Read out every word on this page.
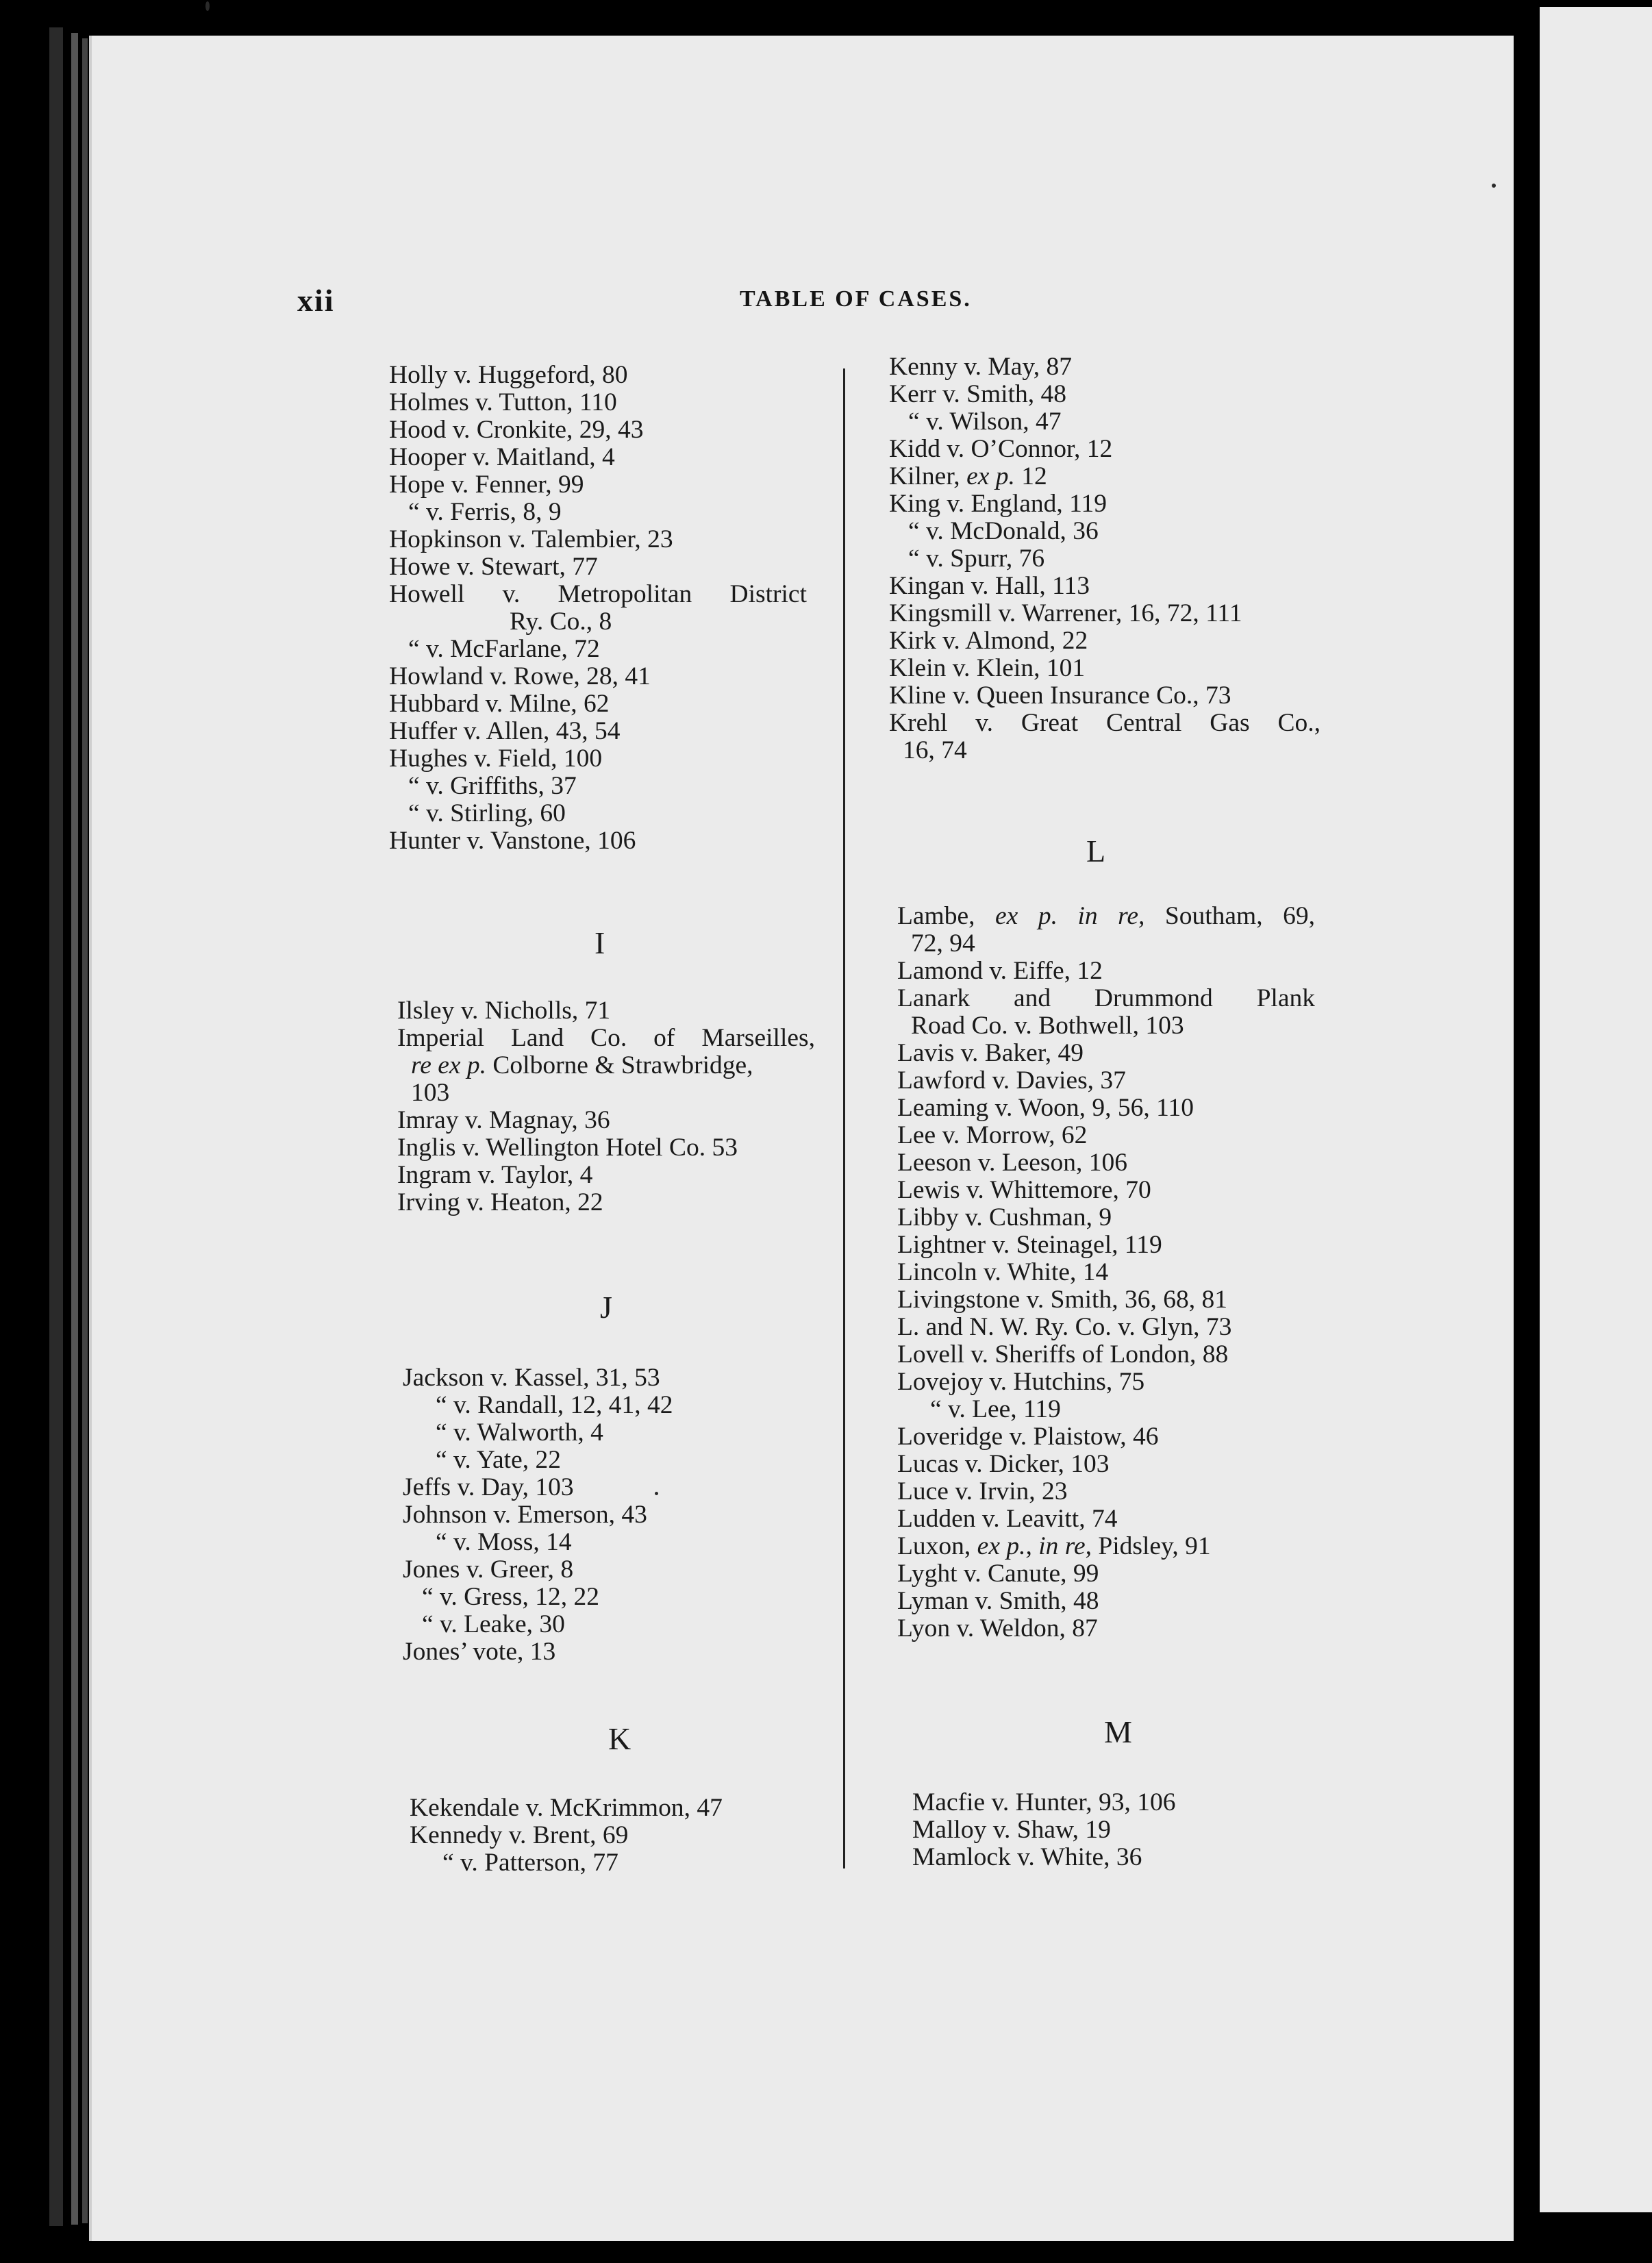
xii	TABLE OF CASES.
Holly v. Huggeford, 80
Holmes v. Tutton, 110
Hood v. Cronkite, 29, 43
Hooper v. Maitland, 4
Hope v. Fenner, 99
“ v. Ferris, 8, 9
Hopkinson v. Talembier, 23
Howe v. Stewart, 77
Howell v. Metropolitan District
Ry. Co., 8
“ v. McFarlane, 72
Howland v. Rowe, 28, 41
Hubbard v. Milne, 62
Huffer v. Allen, 43, 54
Hughes v. Field, 100
“ v. Griffiths, 37
“ v. Stirling, 60
Hunter v. Vanstone, 106
I
Ilsley v. Nicholls, 71
Imperial Land Co. of Marseilles,
re ex p. Colborne & Strawbridge,
103
Imray v. Magnay, 36
Inglis v. Wellington Hotel Co. 53
Ingram v. Taylor, 4
Irving v. Heaton, 22
J
Jackson v. Kassel, 31, 53
“ v. Randall, 12, 41, 42
“ v. Walworth, 4
“ v. Yate, 22
Jeffs v. Day, 103
Johnson v. Emerson, 43
“ v. Moss, 14
Jones v. Greer, 8
“ v. Gress, 12, 22
“ v. Leake, 30
Jones’ vote, 13
K
Kekendale v. McKrimmon, 47
Kennedy v. Brent, 69
“ v. Patterson, 77
Kenny v. May, 87
Kerr v. Smith, 48
“ v. Wilson, 47
Kidd v. O’Connor, 12
Kilner, ex p. 12
King v. England, 119
“ v. McDonald, 36
“ v. Spurr, 76
Kingan v. Hall, 113
Kingsmill v. Warrener, 16, 72, 111
Kirk v. Almond, 22
Klein v. Klein, 101
Kline v. Queen Insurance Co., 73
Krehl v. Great Central Gas Co.,
16, 74
L
Lambe, ex p. in re, Southam, 69,
72, 94
Lamond v. Eiffe, 12
Lanark and Drummond Plank
Road Co. v. Bothwell, 103
Lavis v. Baker, 49
Lawford v. Davies, 37
Leaming v. Woon, 9, 56, 110
Lee v. Morrow, 62
Leeson v. Leeson, 106
Lewis v. Whittemore, 70
Libby v. Cushman, 9
Lightner v. Steinagel, 119
Lincoln v. White, 14
Livingstone v. Smith, 36, 68, 81
L. and N. W. Ry. Co. v. Glyn, 73
Lovell v. Sheriffs of London, 88
Lovejoy v. Hutchins, 75
“ v. Lee, 119
Loveridge v. Plaistow, 46
Lucas v. Dicker, 103
Luce v. Irvin, 23
Ludden v. Leavitt, 74
Luxon, ex p., in re, Pidsley, 91
Lyght v. Canute, 99
Lyman v. Smith, 48
Lyon v. Weldon, 87
M
Macfie v. Hunter, 93, 106
Malloy v. Shaw, 19
Mamlock v. White, 36
